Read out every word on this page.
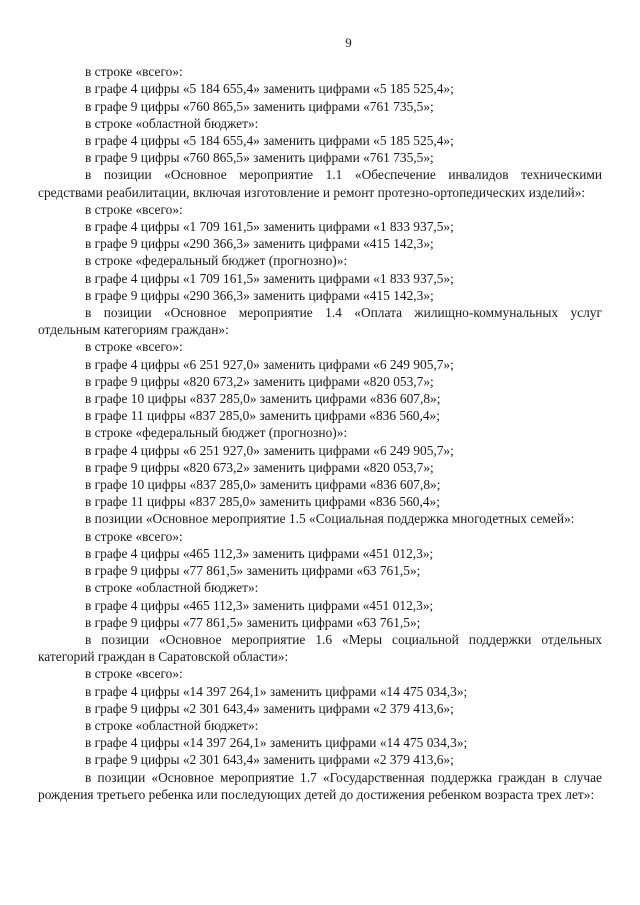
9

в строке «всего»:

в графе 4 цифры «5 184 655,4» заменить цифрами «5 185 525,4»;

в графе 9 цифры «760 865,5» заменить цифрами «761 735,5»;

в строке «областной бюджет»:

в графе 4 цифры «5 184 655,4» заменить цифрами «5 185 525,4»;

в графе 9 цифры «760 865,5» заменить цифрами «761 735,5»;

в позиции «Основное мероприятие 1.1 «Обеспечение инвалидов техническими средствами реабилитации, включая изготовление и ремонт протезно-ортопедических изделий»:

в строке «всего»:

в графе 4 цифры «1 709 161,5» заменить цифрами «1 833 937,5»;

в графе 9 цифры «290 366,3» заменить цифрами «415 142,3»;

в строке «федеральный бюджет (прогнозно)»:

в графе 4 цифры «1 709 161,5» заменить цифрами «1 833 937,5»;

в графе 9 цифры «290 366,3» заменить цифрами «415 142,3»;

в позиции «Основное мероприятие 1.4 «Оплата жилищно-коммунальных услуг отдельным категориям граждан»:

в строке «всего»:

в графе 4 цифры «6 251 927,0» заменить цифрами «6 249 905,7»;

в графе 9 цифры «820 673,2» заменить цифрами «820 053,7»;

в графе 10 цифры «837 285,0» заменить цифрами «836 607,8»;

в графе 11 цифры «837 285,0» заменить цифрами «836 560,4»;

в строке «федеральный бюджет (прогнозно)»:

в графе 4 цифры «6 251 927,0» заменить цифрами «6 249 905,7»;

в графе 9 цифры «820 673,2» заменить цифрами «820 053,7»;

в графе 10 цифры «837 285,0» заменить цифрами «836 607,8»;

в графе 11 цифры «837 285,0» заменить цифрами «836 560,4»;

в позиции «Основное мероприятие 1.5 «Социальная поддержка многодетных семей»:

в строке «всего»:

в графе 4 цифры «465 112,3» заменить цифрами «451 012,3»;

в графе 9 цифры «77 861,5» заменить цифрами «63 761,5»;

в строке «областной бюджет»:

в графе 4 цифры «465 112,3» заменить цифрами «451 012,3»;

в графе 9 цифры «77 861,5» заменить цифрами «63 761,5»;

в позиции «Основное мероприятие 1.6 «Меры социальной поддержки отдельных категорий граждан в Саратовской области»:

в строке «всего»:

в графе 4 цифры «14 397 264,1» заменить цифрами «14 475 034,3»;

в графе 9 цифры «2 301 643,4» заменить цифрами «2 379 413,6»;

в строке «областной бюджет»:

в графе 4 цифры «14 397 264,1» заменить цифрами «14 475 034,3»;

в графе 9 цифры «2 301 643,4» заменить цифрами «2 379 413,6»;

в позиции «Основное мероприятие 1.7 «Государственная поддержка граждан в случае рождения третьего ребенка или последующих детей до достижения ребенком возраста трех лет»:
